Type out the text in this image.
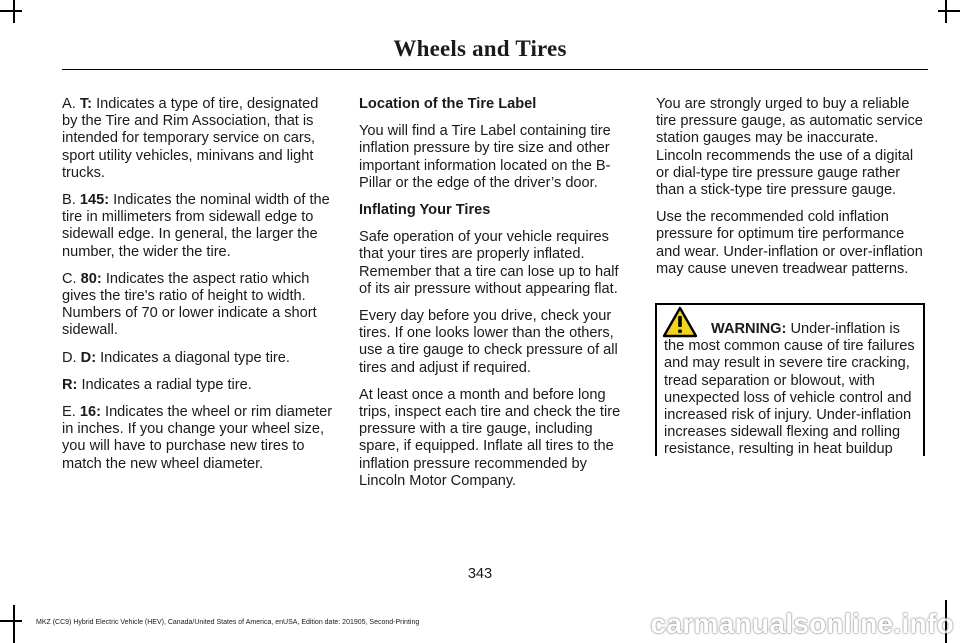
Wheels and Tires

A. T: Indicates a type of tire, designated by the Tire and Rim Association, that is intended for temporary service on cars, sport utility vehicles, minivans and light trucks.

B. 145: Indicates the nominal width of the tire in millimeters from sidewall edge to sidewall edge. In general, the larger the number, the wider the tire.

C. 80: Indicates the aspect ratio which gives the tire's ratio of height to width. Numbers of 70 or lower indicate a short sidewall.

D. D: Indicates a diagonal type tire.

R: Indicates a radial type tire.

E. 16: Indicates the wheel or rim diameter in inches. If you change your wheel size, you will have to purchase new tires to match the new wheel diameter.

Location of the Tire Label

You will find a Tire Label containing tire inflation pressure by tire size and other important information located on the B-Pillar or the edge of the driver’s door.

Inflating Your Tires

Safe operation of your vehicle requires that your tires are properly inflated. Remember that a tire can lose up to half of its air pressure without appearing flat.

Every day before you drive, check your tires. If one looks lower than the others, use a tire gauge to check pressure of all tires and adjust if required.

At least once a month and before long trips, inspect each tire and check the tire pressure with a tire gauge, including spare, if equipped. Inflate all tires to the inflation pressure recommended by Lincoln Motor Company.

You are strongly urged to buy a reliable tire pressure gauge, as automatic service station gauges may be inaccurate. Lincoln recommends the use of a digital or dial-type tire pressure gauge rather than a stick-type tire pressure gauge.

Use the recommended cold inflation pressure for optimum tire performance and wear. Under-inflation or over-inflation may cause uneven treadwear patterns.

WARNING: Under-inflation is the most common cause of tire failures and may result in severe tire cracking, tread separation or blowout, with unexpected loss of vehicle control and increased risk of injury. Under-inflation increases sidewall flexing and rolling resistance, resulting in heat buildup

343
MKZ (CC9) Hybrid Electric Vehicle (HEV), Canada/United States of America, enUSA, Edition date: 201905, Second-Printing	carmanualsonline.info
